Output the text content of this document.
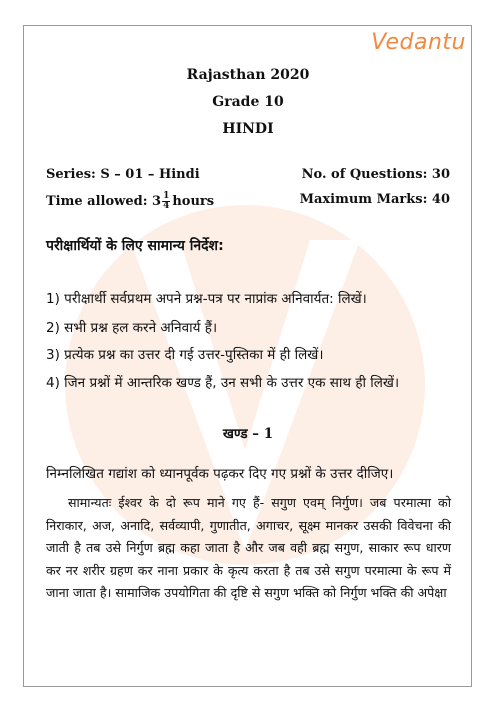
Vedantu
Rajasthan 2020
Grade 10
HINDI
Series: S – 01 – Hindi	No. of Questions: 30
Time allowed: $3 \frac{1}{4}$ hours	Maximum Marks: 40
परीक्षार्थियों के लिए सामान्य निर्देश:
1) परीक्षार्थी सर्वप्रथम अपने प्रश्न-पत्र पर नाप्रांक अनिवार्यत: लिखें।
2) सभी प्रश्न हल करने अनिवार्य हैं।
3) प्रत्येक प्रश्न का उत्तर दी गई उत्तर-पुस्तिका में ही लिखें।
4) जिन प्रश्नों में आन्तरिक खण्ड हैं, उन सभी के उत्तर एक साथ ही लिखें।
खण्ड – 1
निम्नलिखित गद्यांश को ध्यानपूर्वक पढ़कर दिए गए प्रश्नों के उत्तर दीजिए।

सामान्यतः ईश्वर के दो रूप माने गए हैं- सगुण एवम् निर्गुण। जब परमात्मा को निराकार, अज, अनादि, सर्वव्यापी, गुणातीत, अगाचर, सूक्ष्म मानकर उसकी विवेचना की जाती है तब उसे निर्गुण ब्रह्म कहा जाता है और जब वही ब्रह्म सगुण, साकार रूप धारण कर नर शरीर ग्रहण कर नाना प्रकार के कृत्य करता है तब उसे सगुण परमात्मा के रूप में जाना जाता है। सामाजिक उपयोगिता की दृष्टि से सगुण भक्ति को निर्गुण भक्ति की अपेक्षा
